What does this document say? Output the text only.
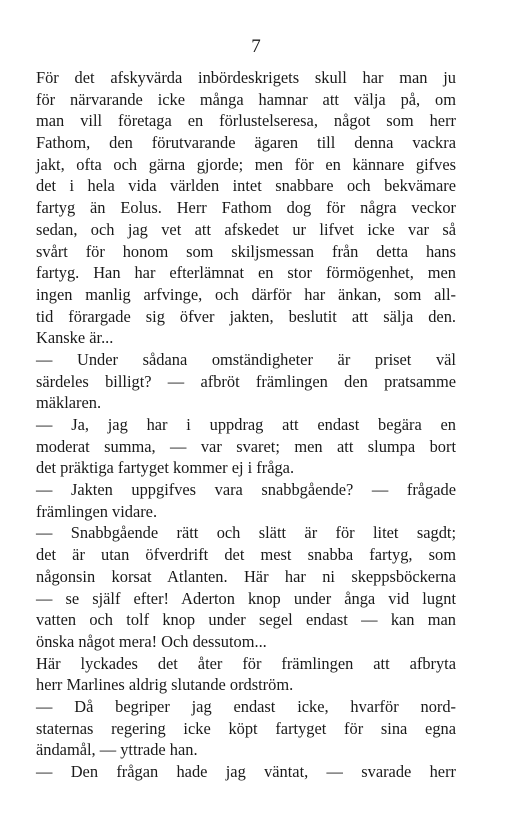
7
För det afskyvärda inbördeskrigets skull har man ju
för närvarande icke många hamnar att välja på, om
man vill företaga en förlustelseresa, något som herr
Fathom, den förutvarande ägaren till denna vackra
jakt, ofta och gärna gjorde; men för en kännare gifves
det i hela vida världen intet snabbare och bekvämare
fartyg än Eolus. Herr Fathom dog för några veckor
sedan, och jag vet att afskedet ur lifvet icke var så
svårt för honom som skiljsmessan från detta hans
fartyg. Han har efterlämnat en stor förmögenhet, men
ingen manlig arfvinge, och därför har änkan, som all-
tid förargade sig öfver jakten, beslutit att sälja den.
Kanske är...
— Under sådana omständigheter är priset väl
särdeles billigt? — afbröt främlingen den pratsamme
mäklaren.
— Ja, jag har i uppdrag att endast begära en
moderat summa, — var svaret; men att slumpa bort
det präktiga fartyget kommer ej i fråga.
— Jakten uppgifves vara snabbgående? — frågade
främlingen vidare.
— Snabbgående rätt och slätt är för litet sagdt;
det är utan öfverdrift det mest snabba fartyg, som
någonsin korsat Atlanten. Här har ni skeppsböckerna
— se själf efter! Aderton knop under ånga vid lugnt
vatten och tolf knop under segel endast — kan man
önska något mera! Och dessutom...
Här lyckades det åter för främlingen att afbryta
herr Marlines aldrig slutande ordström.
— Då begriper jag endast icke, hvarför nord-
staternas regering icke köpt fartyget för sina egna
ändamål, — yttrade han.
— Den frågan hade jag väntat, — svarade herr
